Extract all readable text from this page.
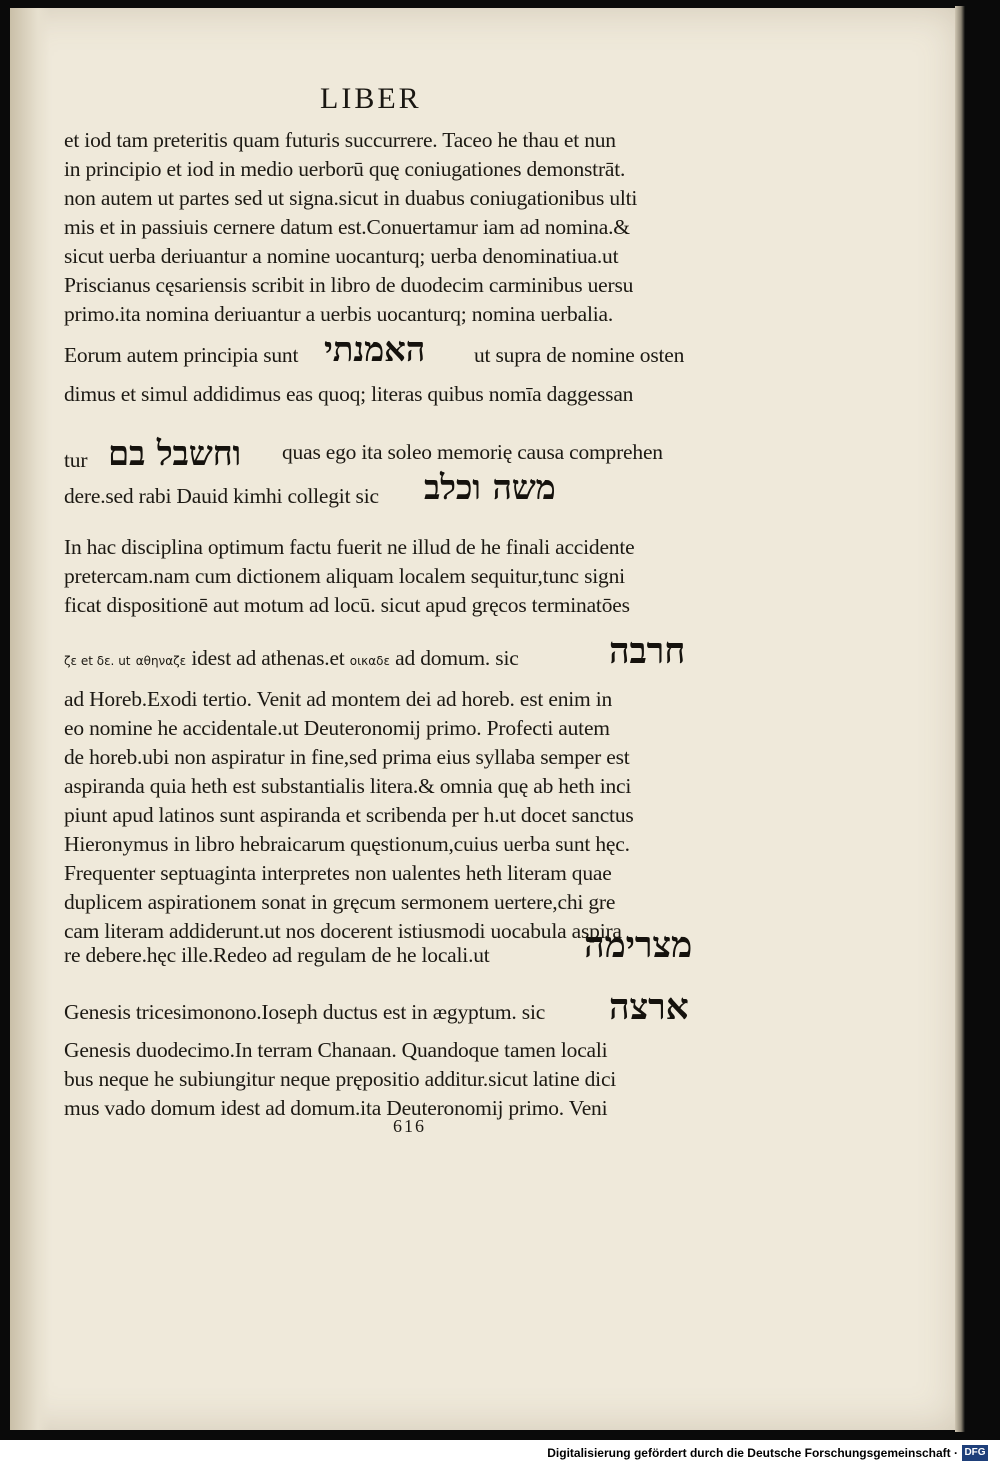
LIBER
et iod tam preteritis quam futuris succurrere. Taceo he thau et nun
in principio et iod in medio uerborū quę coniugationes demonstrāt.
non autem ut partes sed ut signa.sicut in duabus coniugationibus ulti
mis et in passiuis cernere datum est.Conuertamur iam ad nomina.&
sicut uerba deriuantur a nomine uocanturq; uerba denominatiua.ut
Priscianus cęsariensis scribit in libro de duodecim carminibus uersu
primo.ita nomina deriuantur a uerbis uocanturq; nomina uerbalia.
Eorum autem principia sunt האמנתי ut supra de nomine osten
dimus et simul addidimus eas quoq; literas quibus nomīa daggessan
tur וחשבל בם quas ego ita soleo memorię causa comprehen
dere.sed rabi Dauid kimhi collegit sic משה וכלב
In hac disciplina optimum factu fuerit ne illud de he finali accidente
pretercam.nam cum dictionem aliquam localem sequitur,tunc signi
ficat dispositionē aut motum ad locū. sicut apud gręcos terminatōes
ζε et δε. ut αθηναζε idest ad athenas.et οικαδε ad domum. sic	חרבה
ad Horeb.Exodi tertio. Venit ad montem dei ad horeb. est enim in
eo nomine he accidentale.ut Deuteronomij primo. Profecti autem
de horeb.ubi non aspiratur in fine,sed prima eius syllaba semper est
aspiranda quia heth est substantialis litera.& omnia quę ab heth inci
piunt apud latinos sunt aspiranda et scribenda per h.ut docet sanctus
Hieronymus in libro hebraicarum quęstionum,cuius uerba sunt hęc.
Frequenter septuaginta interpretes non ualentes heth literam quae
duplicem aspirationem sonat in gręcum sermonem uertere,chi gre
cam literam addiderunt.ut nos docerent istiusmodi uocabula aspira
re debere.hęc ille.Redeo ad regulam de he locali.ut	מצרימה
Genesis tricesimonono.Ioseph ductus est in ægyptum. sic ארצה
Genesis duodecimo.In terram Chanaan. Quandoque tamen locali
bus neque he subiungitur neque prępositio additur.sicut latine dici
mus vado domum idest ad domum.ita Deuteronomij primo. Veni
616
Digitalisierung gefördert durch die Deutsche Forschungsgemeinschaft · DFG
